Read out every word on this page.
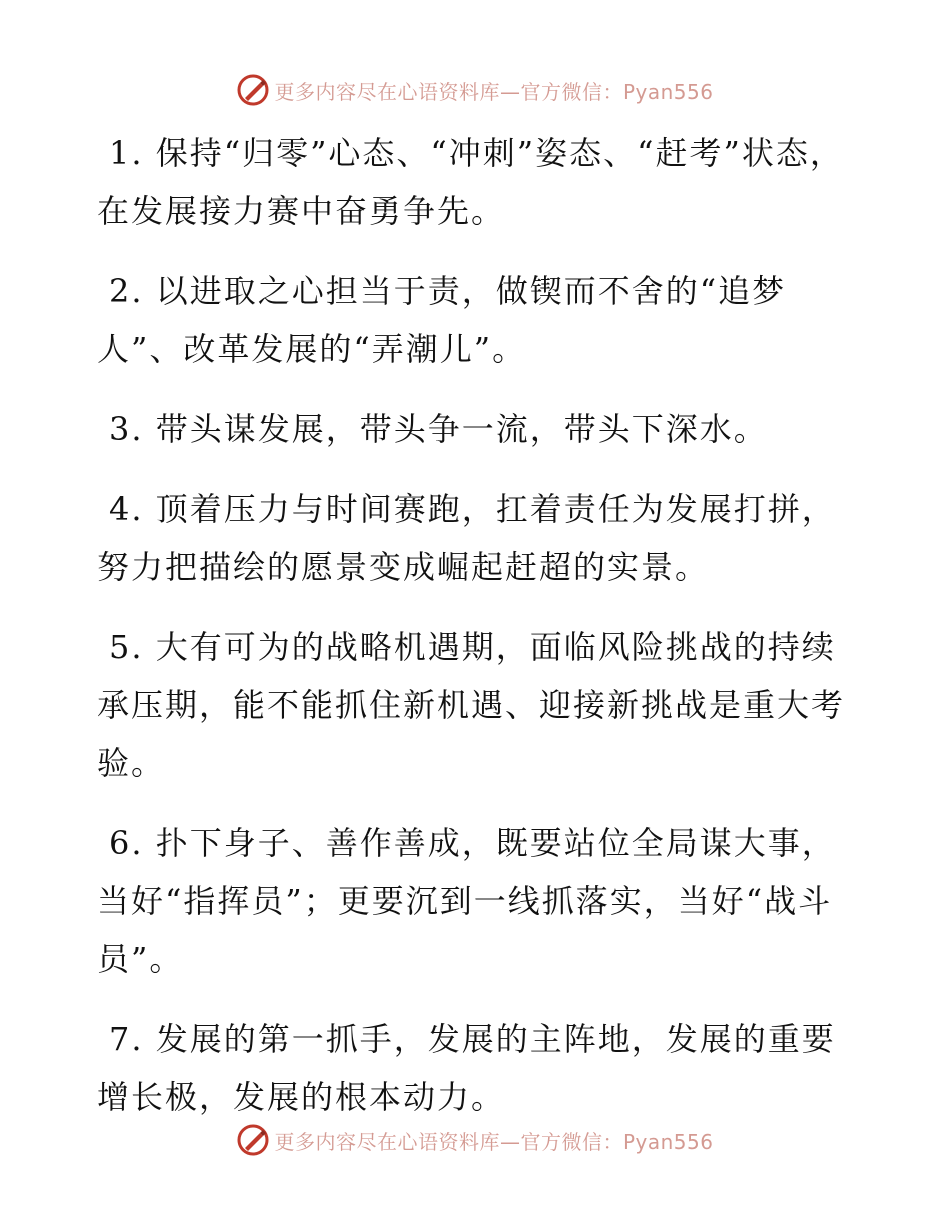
更多内容尽在心语资料库—官方微信：Pyan556

1. 保持“归零”心态、“冲刺”姿态、“赶考”状态，在发展接力赛中奋勇争先。

2. 以进取之心担当于责，做锲而不舍的“追梦人”、改革发展的“弄潮儿”。

3. 带头谋发展，带头争一流，带头下深水。

4. 顶着压力与时间赛跑，扛着责任为发展打拼，努力把描绘的愿景变成崛起赶超的实景。

5. 大有可为的战略机遇期，面临风险挑战的持续承压期，能不能抓住新机遇、迎接新挑战是重大考验。

6. 扑下身子、善作善成，既要站位全局谋大事，当好“指挥员”；更要沉到一线抓落实，当好“战斗员”。

7. 发展的第一抓手，发展的主阵地，发展的重要增长极，发展的根本动力。

更多内容尽在心语资料库—官方微信：Pyan556
